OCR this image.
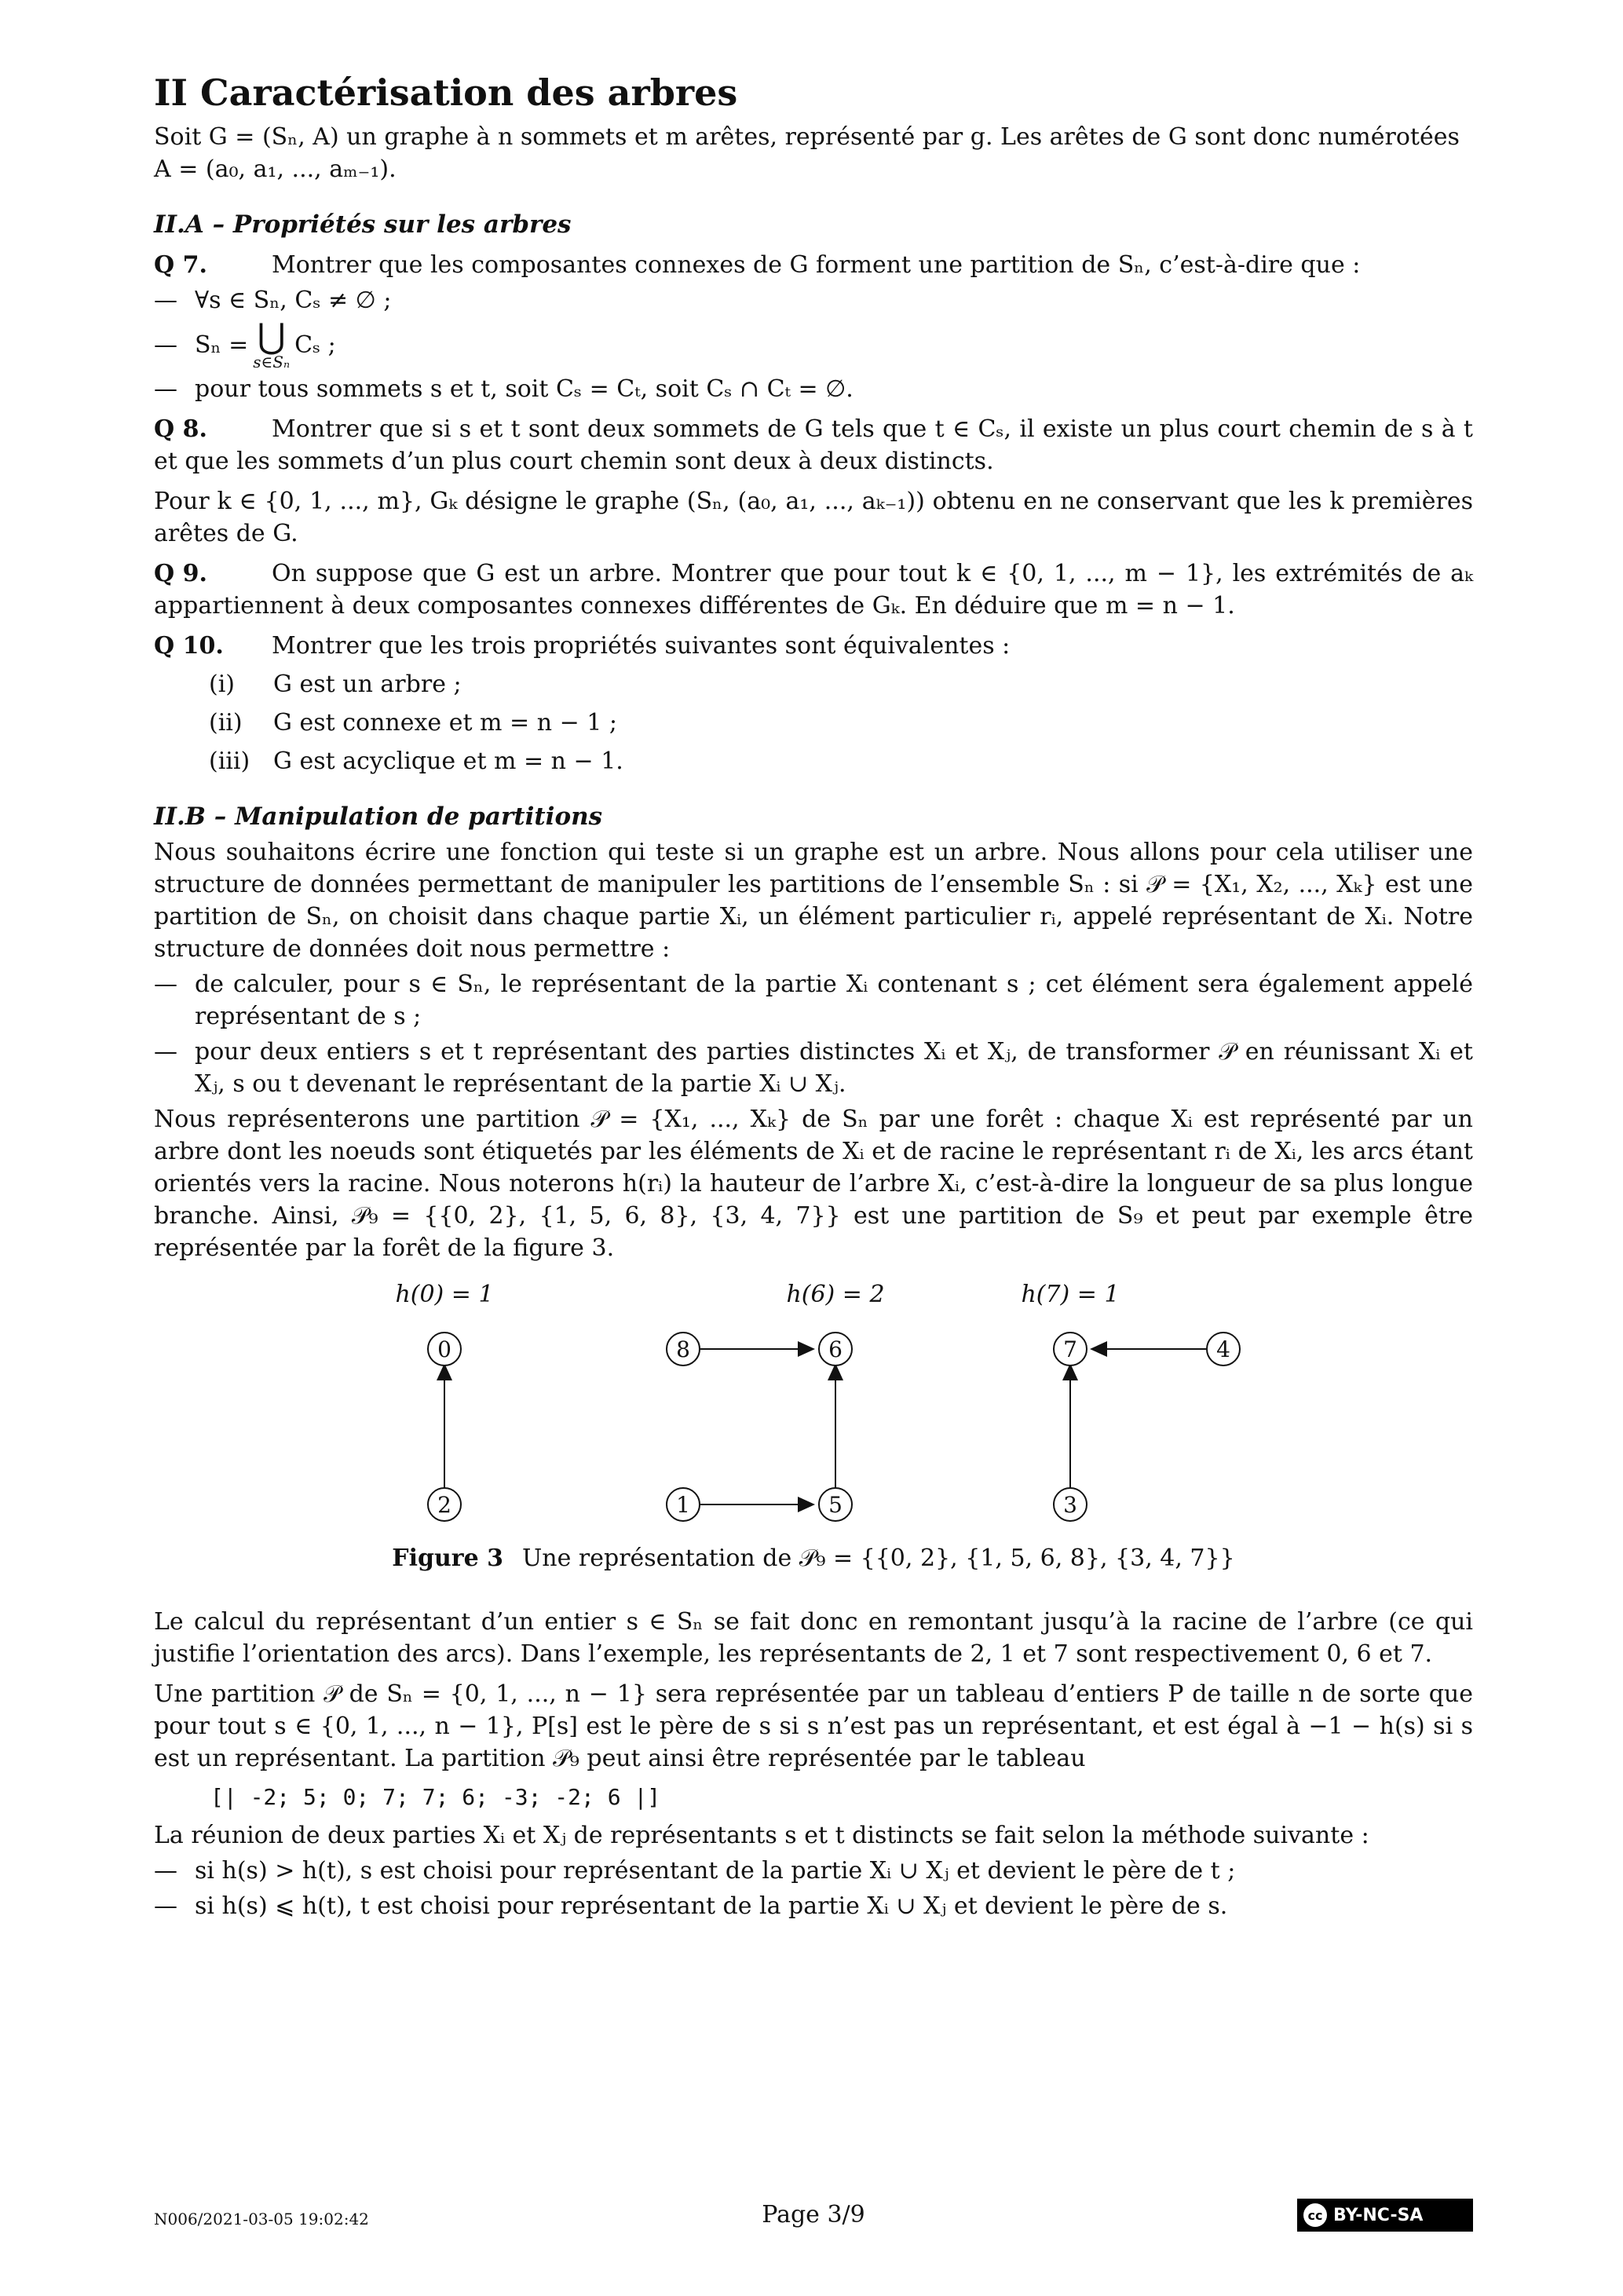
II Caractérisation des arbres

Soit G = (Sₙ, A) un graphe à n sommets et m arêtes, représenté par g. Les arêtes de G sont donc numérotées

A = (a₀, a₁, ..., aₘ₋₁).

II.A – Propriétés sur les arbres
Q 7.	Montrer que les composantes connexes de G forment une partition de Sₙ, c’est-à-dire que :
— ∀s ∈ Sₙ, Cₛ ≠ ∅ ;
— Sₙ = ⋃
s∈Sₙ
Cₛ ;
— pour tous sommets s et t, soit Cₛ = Cₜ, soit Cₛ ∩ Cₜ = ∅.
Q 8.	Montrer que si s et t sont deux sommets de G tels que t ∈ Cₛ, il existe un plus court chemin de s à t et que les sommets d’un plus court chemin sont deux à deux distincts.

Pour k ∈ {0, 1, ..., m}, Gₖ désigne le graphe (Sₙ, (a₀, a₁, ..., aₖ₋₁)) obtenu en ne conservant que les k premières arêtes de G.

Q 9.	On suppose que G est un arbre. Montrer que pour tout k ∈ {0, 1, ..., m − 1}, les extrémités de aₖ appartiennent à deux composantes connexes différentes de Gₖ. En déduire que m = n − 1.
Q 10. Montrer que les trois propriétés suivantes sont équivalentes :
(i)	G est un arbre ;
(ii)	G est connexe et m = n − 1 ;
(iii) G est acyclique et m = n − 1.
II.B – Manipulation de partitions

Nous souhaitons écrire une fonction qui teste si un graphe est un arbre. Nous allons pour cela utiliser une structure de données permettant de manipuler les partitions de l’ensemble Sₙ : si 𝒫 = {X₁, X₂, ..., Xₖ} est une partition de Sₙ, on choisit dans chaque partie Xᵢ, un élément particulier rᵢ, appelé représentant de Xᵢ. Notre structure de données doit nous permettre :

— de calculer, pour s ∈ Sₙ, le représentant de la partie Xᵢ contenant s ; cet élément sera également appelé représentant de s ;
— pour deux entiers s et t représentant des parties distinctes Xᵢ et Xⱼ, de transformer 𝒫 en réunissant Xᵢ et Xⱼ, s ou t devenant le représentant de la partie Xᵢ ∪ Xⱼ.

Nous représenterons une partition 𝒫 = {X₁, ..., Xₖ} de Sₙ par une forêt : chaque Xᵢ est représenté par un arbre dont les noeuds sont étiquetés par les éléments de Xᵢ et de racine le représentant rᵢ de Xᵢ, les arcs étant orientés vers la racine. Nous noterons h(rᵢ) la hauteur de l’arbre Xᵢ, c’est-à-dire la longueur de sa plus longue branche. Ainsi, 𝒫₉ = {{0, 2}, {1, 5, 6, 8}, {3, 4, 7}} est une partition de S₉ et peut par exemple être représentée par la forêt de la figure 3.

h(0) = 1	h(6) = 2	h(7) = 1
0
2
8	6
1	5
7	4
3
Figure 3 Une représentation de 𝒫₉ = {{0, 2}, {1, 5, 6, 8}, {3, 4, 7}}

Le calcul du représentant d’un entier s ∈ Sₙ se fait donc en remontant jusqu’à la racine de l’arbre (ce qui justifie l’orientation des arcs). Dans l’exemple, les représentants de 2, 1 et 7 sont respectivement 0, 6 et 7.

Une partition 𝒫 de Sₙ = {0, 1, ..., n − 1} sera représentée par un tableau d’entiers P de taille n de sorte que pour tout s ∈ {0, 1, ..., n − 1}, P[s] est le père de s si s n’est pas un représentant, et est égal à −1 − h(s) si s est un représentant. La partition 𝒫₉ peut ainsi être représentée par le tableau

[| -2; 5; 0; 7; 7; 6; -3; -2; 6 |]

La réunion de deux parties Xᵢ et Xⱼ de représentants s et t distincts se fait selon la méthode suivante :

— si h(s) > h(t), s est choisi pour représentant de la partie Xᵢ ∪ Xⱼ et devient le père de t ;
— si h(s) ⩽ h(t), t est choisi pour représentant de la partie Xᵢ ∪ Xⱼ et devient le père de s.
N006/2021-03-05 19:02:42	Page 3/9	cc BY-NC-SA
